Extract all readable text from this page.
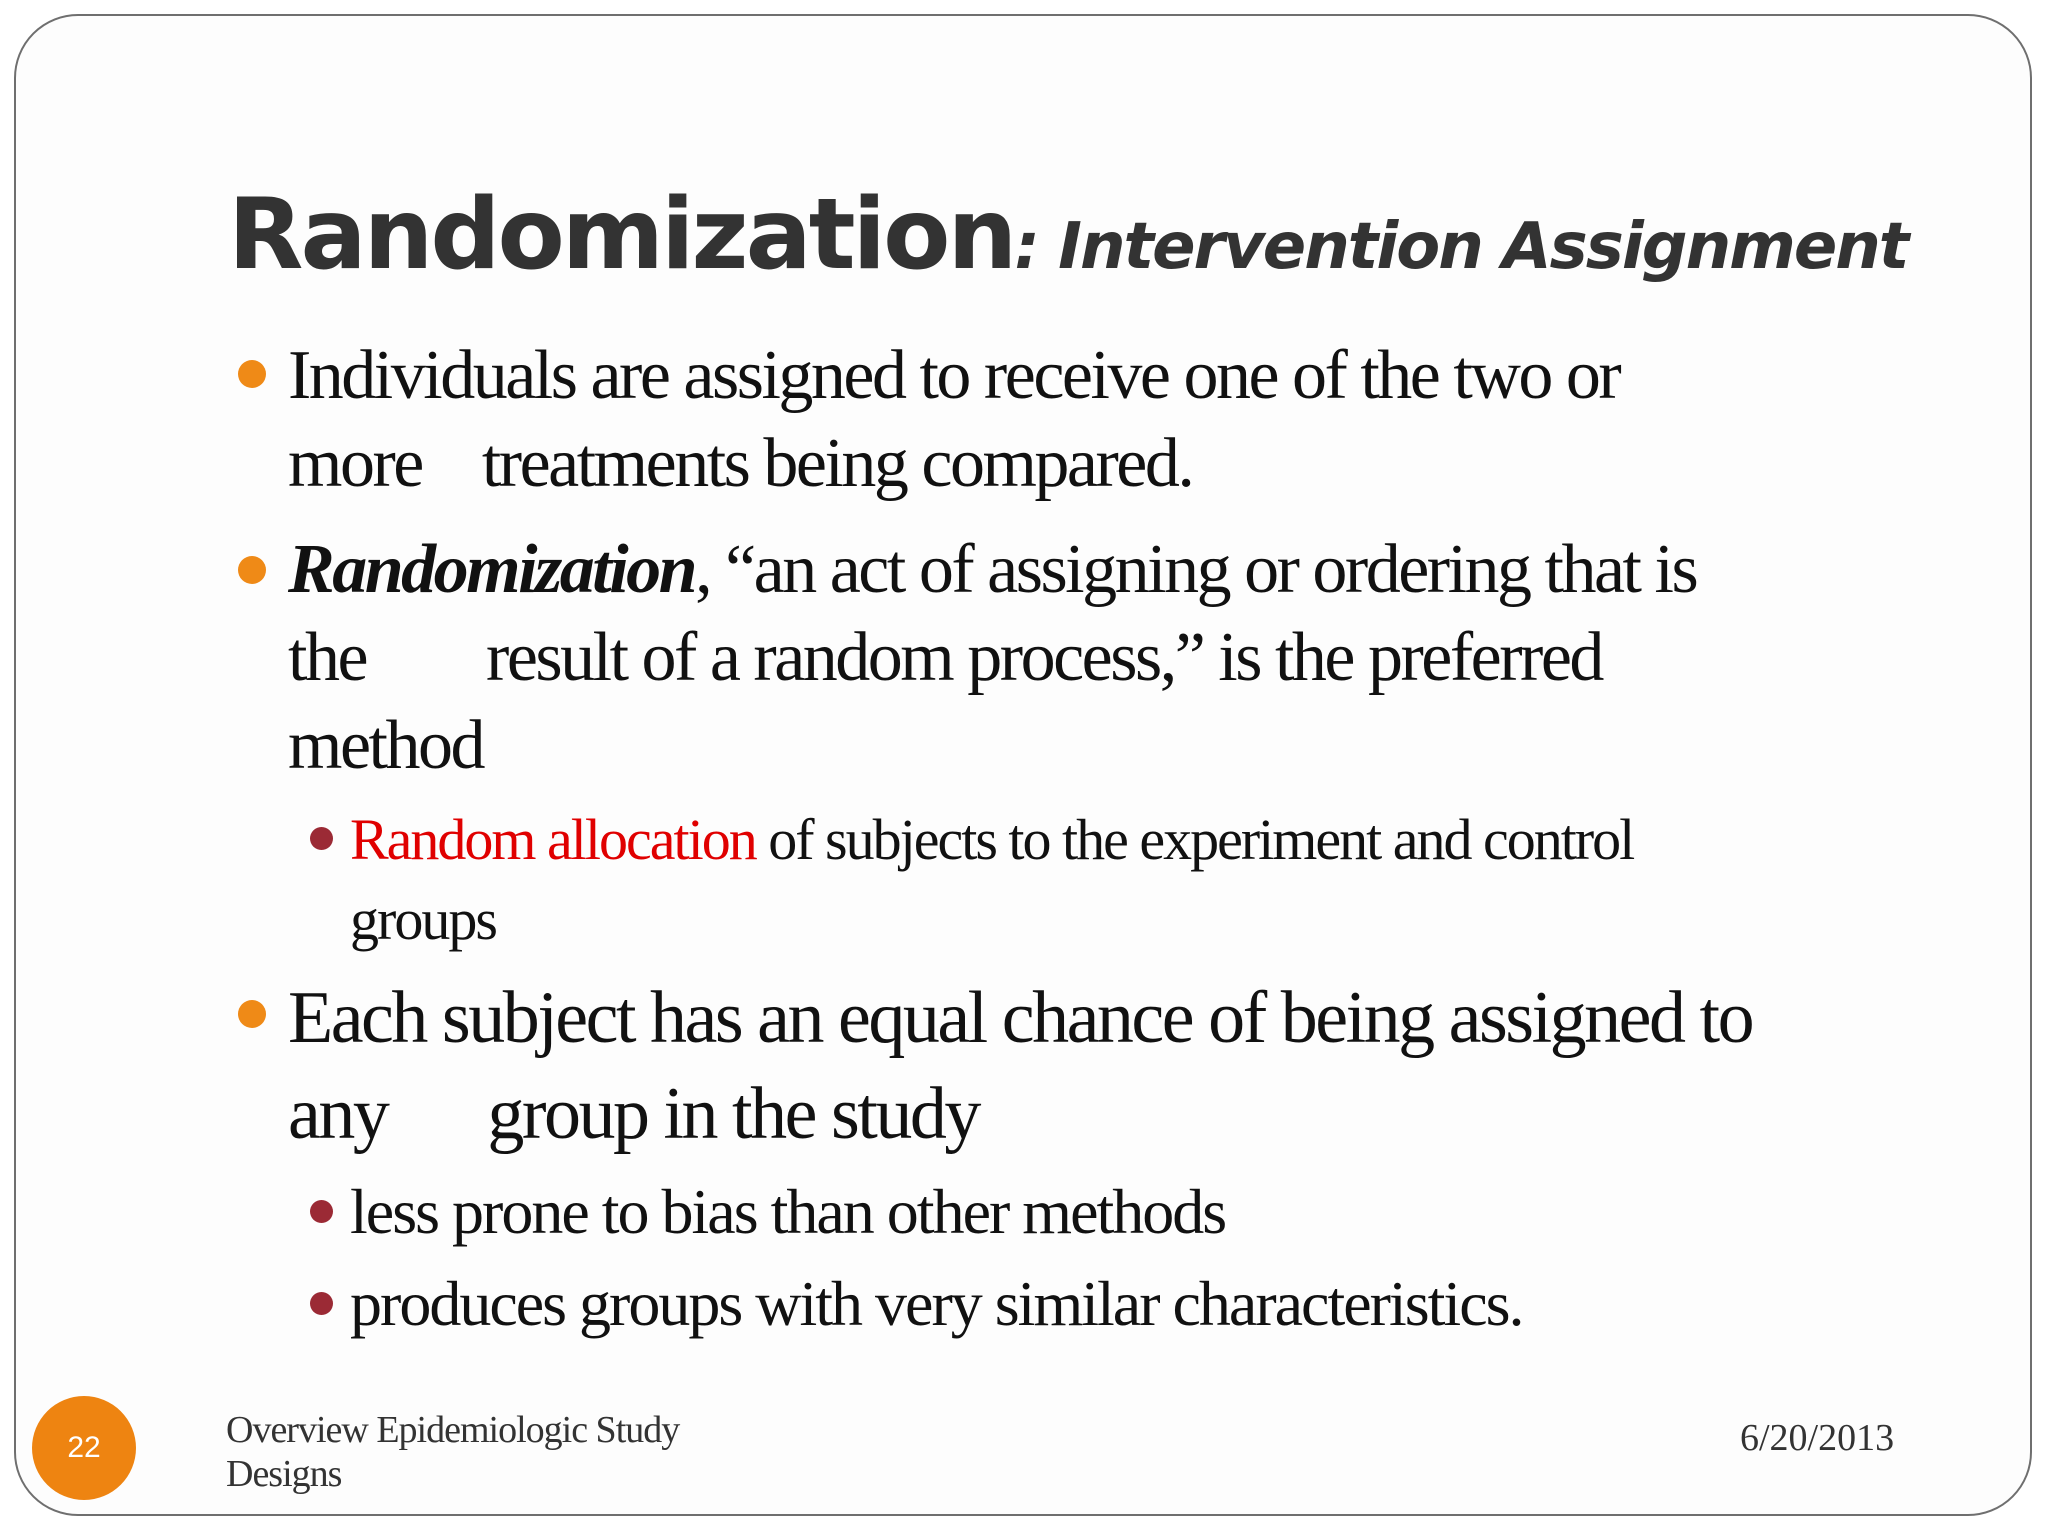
Randomization: Intervention Assignment
Individuals are assigned to receive one of the two or
more treatments being compared.
Randomization, “an act of assigning or ordering that is
the result of a random process,” is the preferred
method
Random allocation of subjects to the experiment and control
groups
Each subject has an equal chance of being assigned to
any group in the study
less prone to bias than other methods
produces groups with very similar characteristics.
22	Overview Epidemiologic Study
Designs
6/20/2013
